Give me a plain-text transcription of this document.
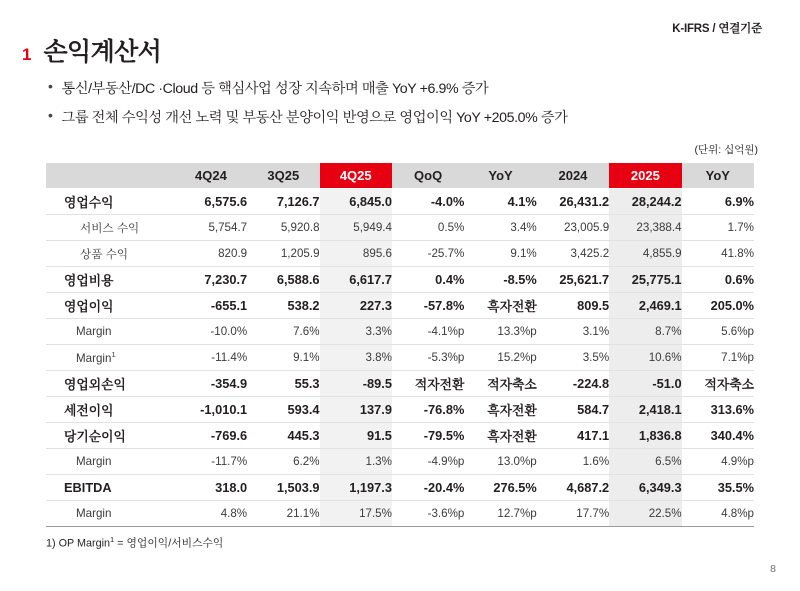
K-IFRS / 연결기준
1 손익계산서
• 통신/부동산/DC ·Cloud 등 핵심사업 성장 지속하며 매출 YoY +6.9% 증가
• 그룹 전체 수익성 개선 노력 및 부동산 분양이익 반영으로 영업이익 YoY +205.0% 증가
(단위: 십억원)
	4Q24	3Q25	4Q25	QoQ	YoY	2024	2025	YoY
영업수익	6,575.6	7,126.7	6,845.0	-4.0%	4.1%	26,431.2	28,244.2	6.9%
서비스 수익	5,754.7	5,920.8	5,949.4	0.5%	3.4%	23,005.9	23,388.4	1.7%
상품 수익	820.9	1,205.9	895.6	-25.7%	9.1%	3,425.2	4,855.9	41.8%
영업비용	7,230.7	6,588.6	6,617.7	0.4%	-8.5%	25,621.7	25,775.1	0.6%
영업이익	-655.1	538.2	227.3	-57.8%	흑자전환	809.5	2,469.1	205.0%
Margin	-10.0%	7.6%	3.3%	-4.1%p	13.3%p	3.1%	8.7%	5.6%p
Margin$^1$	-11.4%	9.1%	3.8%	-5.3%p	15.2%p	3.5%	10.6%	7.1%p
영업외손익	-354.9	55.3	-89.5	적자전환	적자축소	-224.8	-51.0	적자축소
세전이익	-1,010.1	593.4	137.9	-76.8%	흑자전환	584.7	2,418.1	313.6%
당기순이익	-769.6	445.3	91.5	-79.5%	흑자전환	417.1	1,836.8	340.4%
Margin	-11.7%	6.2%	1.3%	-4.9%p	13.0%p	1.6%	6.5%	4.9%p
EBITDA	318.0	1,503.9	1,197.3	-20.4%	276.5%	4,687.2	6,349.3	35.5%
Margin	4.8%	21.1%	17.5%	-3.6%p	12.7%p	17.7%	22.5%	4.8%p
1) OP Margin$^1$ = 영업이익/서비스수익
8
